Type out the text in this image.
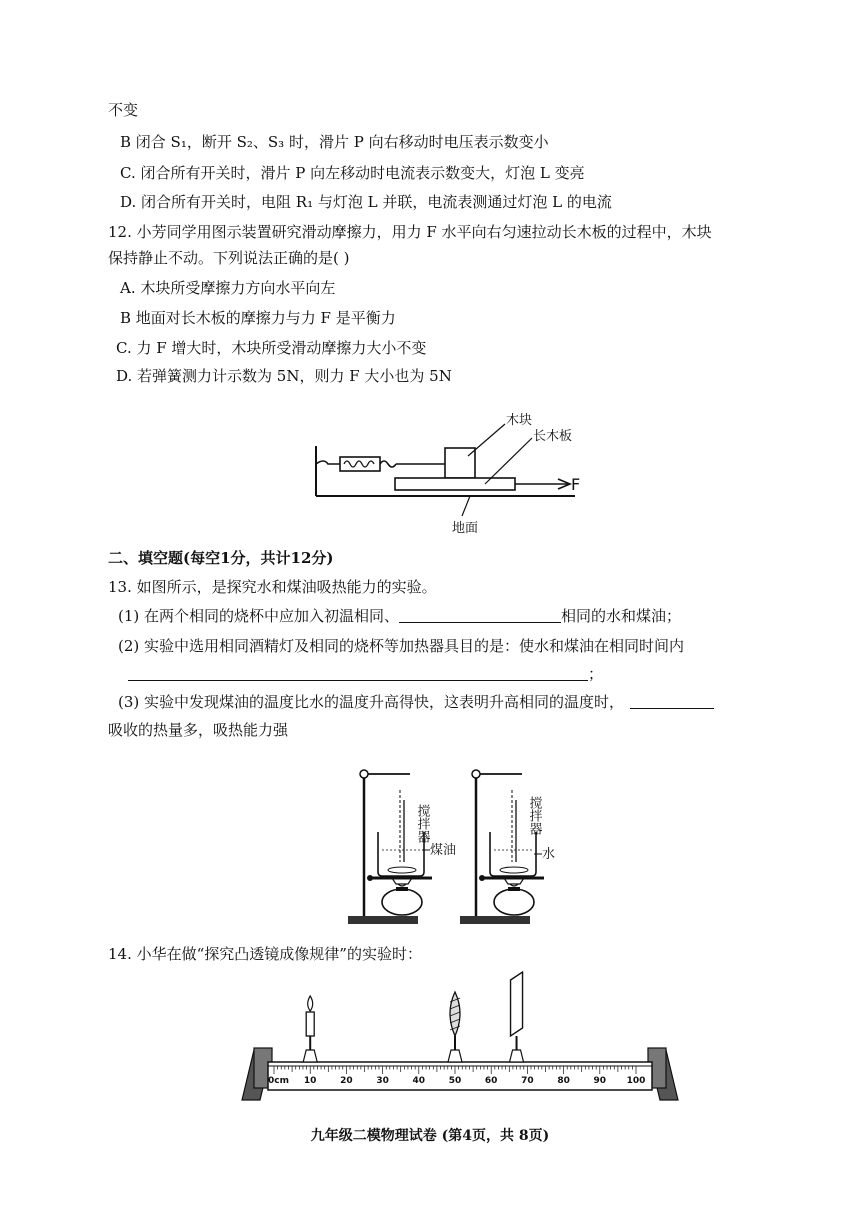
不变
B 闭合 S₁，断开 S₂、S₃ 时，滑片 P 向右移动时电压表示数变小
C. 闭合所有开关时，滑片 P 向左移动时电流表示数变大，灯泡 L 变亮
D. 闭合所有开关时，电阻 R₁ 与灯泡 L 并联，电流表测通过灯泡 L 的电流
12. 小芳同学用图示装置研究滑动摩擦力，用力 F 水平向右匀速拉动长木板的过程中，木块
保持静止不动。下列说法正确的是( )
A. 木块所受摩擦力方向水平向左
B 地面对长木板的摩擦力与力 F 是平衡力
C. 力 F 增大时，木块所受滑动摩擦力大小不变
D. 若弹簧测力计示数为 5N，则力 F 大小也为 5N
F
木块
长木板
地面
二、填空题(每空1分，共计12分)
13. 如图所示，是探究水和煤油吸热能力的实验。
(1) 在两个相同的烧杯中应加入初温相同、	相同的水和煤油；
(2) 实验中选用相同酒精灯及相同的烧杯等加热器具目的是：使水和煤油在相同时间内
；
(3) 实验中发现煤油的温度比水的温度升高得快，这表明升高相同的温度时，
吸收的热量多，吸热能力强
搅拌器
煤油
搅拌器
水
14. 小华在做“探究凸透镜成像规律”的实验时：
0cm 10	20	30	40	50	60	70	80	90 100
九年级二模物理试卷 (第4页，共 8页)
